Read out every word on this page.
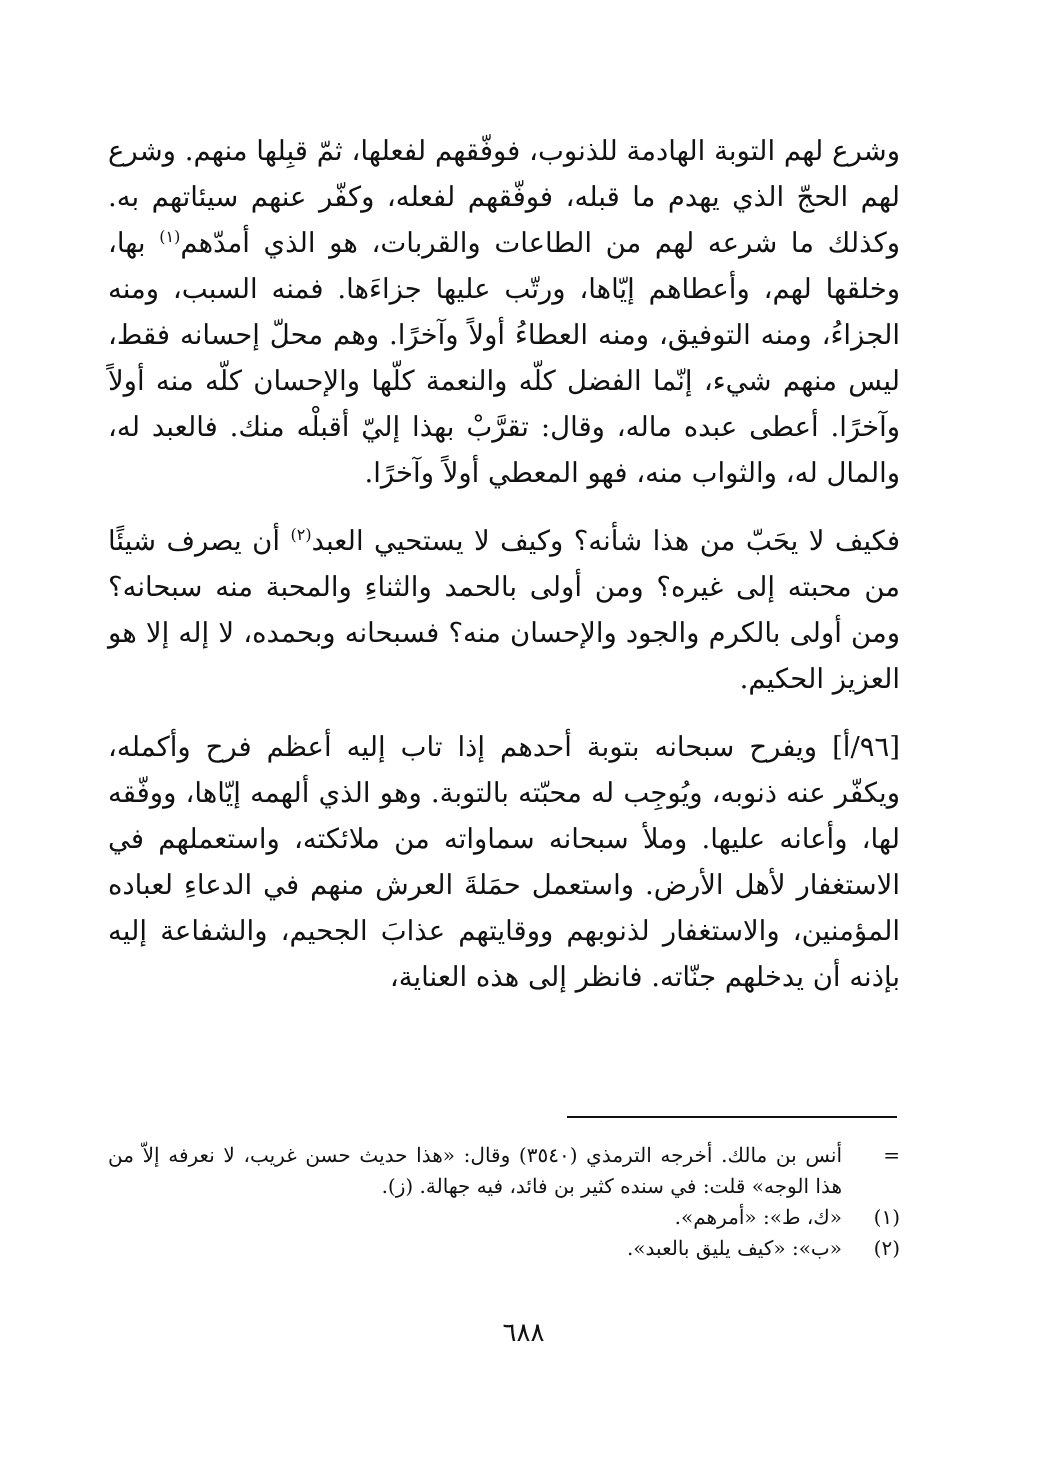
وشرع لهم التوبة الهادمة للذنوب، فوفّقهم لفعلها، ثمّ قبِلها منهم. وشرع لهم الحجّ الذي يهدم ما قبله، فوفّقهم لفعله، وكفّر عنهم سيئاتهم به. وكذلك ما شرعه لهم من الطاعات والقربات، هو الذي أمدّهم$^{(١)}$ بها، وخلقها لهم، وأعطاهم إيّاها، ورتّب عليها جزاءَها. فمنه السبب، ومنه الجزاءُ، ومنه التوفيق، ومنه العطاءُ أولاً وآخرًا. وهم محلّ إحسانه فقط، ليس منهم شيء، إنّما الفضل كلّه والنعمة كلّها والإحسان كلّه منه أولاً وآخرًا. أعطى عبده ماله، وقال: تقرَّبْ بهذا إليّ أقبلْه منك. فالعبد له، والمال له، والثواب منه، فهو المعطي أولاً وآخرًا.

فكيف لا يحَبّ من هذا شأنه؟ وكيف لا يستحيي العبد$^{(٢)}$ أن يصرف شيئًا من محبته إلى غيره؟ ومن أولى بالحمد والثناءِ والمحبة منه سبحانه؟ ومن أولى بالكرم والجود والإحسان منه؟ فسبحانه وبحمده، لا إله إلا هو العزيز الحكيم.

[٩٦/أ] ويفرح سبحانه بتوبة أحدهم إذا تاب إليه أعظم فرح وأكمله، ويكفّر عنه ذنوبه، ويُوجِب له محبّته بالتوبة. وهو الذي ألهمه إيّاها، ووفّقه لها، وأعانه عليها. وملأ سبحانه سماواته من ملائكته، واستعملهم في الاستغفار لأهل الأرض. واستعمل حمَلةَ العرش منهم في الدعاءِ لعباده المؤمنين، والاستغفار لذنوبهم ووقايتهم عذابَ الجحيم، والشفاعة إليه بإذنه أن يدخلهم جنّاته. فانظر إلى هذه العناية،

=
أنس بن مالك. أخرجه الترمذي (٣٥٤٠) وقال: «هذا حديث حسن غريب، لا نعرفه إلاّ من هذا الوجه» قلت: في سنده كثير بن فائد، فيه جهالة. (ز).
(١)
«ك، ط»: «أمرهم».
(٢)
«ب»: «كيف يليق بالعبد».
٦٨٨
